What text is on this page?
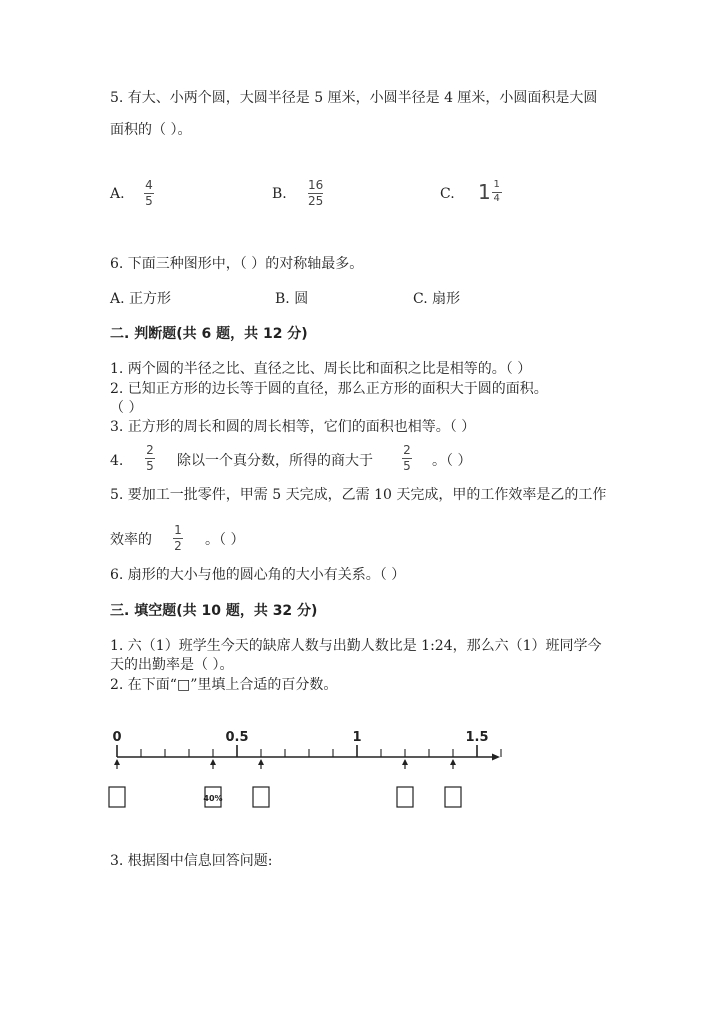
5. 有大、小两个圆，大圆半径是 5 厘米，小圆半径是 4 厘米，小圆面积是大圆
面积的（ ）。
A.
4
5	B.
16
25	C. $1 \frac{1}{4}$
6. 下面三种图形中，（ ）的对称轴最多。
A. 正方形	B. 圆	C. 扇形
二. 判断题(共 6 题，共 12 分)
1. 两个圆的半径之比、直径之比、周长比和面积之比是相等的。（ ）
2. 已知正方形的边长等于圆的直径，那么正方形的面积大于圆的面积。
（ ）
3. 正方形的周长和圆的周长相等，它们的面积也相等。（ ）
4.
2
5 除以一个真分数，所得的商大于
2
5 。（ ）
5. 要加工一批零件，甲需 5 天完成，乙需 10 天完成，甲的工作效率是乙的工作
效率的
1
2 。（ ）
6. 扇形的大小与他的圆心角的大小有关系。（ ）
三. 填空题(共 10 题，共 32 分)
1. 六（1）班学生今天的缺席人数与出勤人数比是 1:24，那么六（1）班同学今
天的出勤率是（ ）。
2. 在下面“□”里填上合适的百分数。
0	0.5	1	1.5
40%
3. 根据图中信息回答问题:
